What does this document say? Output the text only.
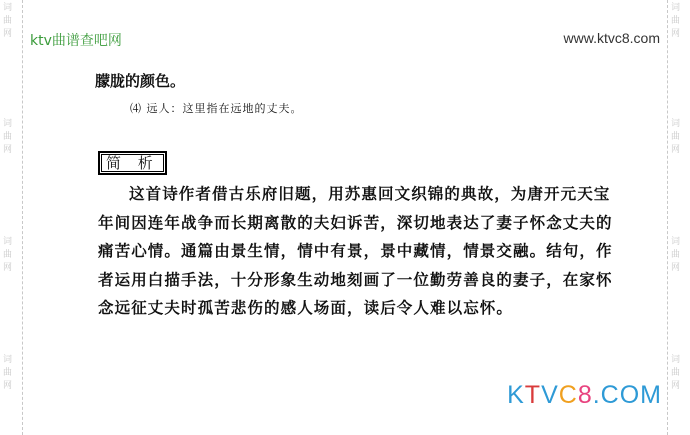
词
曲
网
词
曲
网
词
曲
网
词
曲
网
词
曲
网
词
曲
网
词
曲
网
词
曲
网
ktv曲谱查吧网	www.ktvc8.com
朦胧的颜色。
⑷ 远人：这里指在远地的丈夫。
简 析

这首诗作者借古乐府旧题，用苏惠回文织锦的典故，为唐开元天宝年间因连年战争而长期离散的夫妇诉苦，深切地表达了妻子怀念丈夫的痛苦心情。通篇由景生情，情中有景，景中藏情，情景交融。结句，作者运用白描手法，十分形象生动地刻画了一位勤劳善良的妻子，在家怀念远征丈夫时孤苦悲伤的感人场面，读后令人难以忘怀。

KTVC8.COM
